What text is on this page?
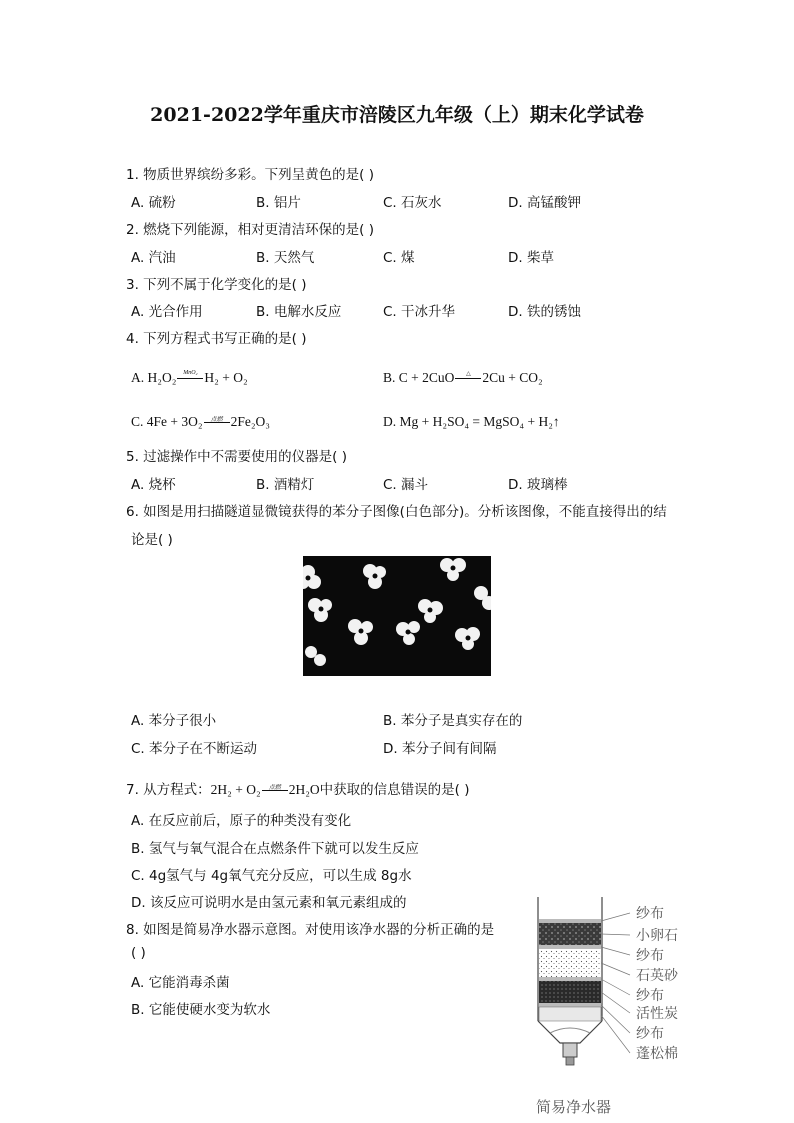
2021-2022学年重庆市涪陵区九年级（上）期末化学试卷
1. 物质世界缤纷多彩。下列呈黄色的是( )
A. 硫粉	B. 铝片	C. 石灰水	D. 高锰酸钾
2. 燃烧下列能源，相对更清洁环保的是( )
A. 汽油	B. 天然气	C. 煤	D. 柴草
3. 下列不属于化学变化的是( )
A. 光合作用	B. 电解水反应	C. 干冰升华	D. 铁的锈蚀
4. 下列方程式书写正确的是( )
A. H₂O₂	MnO₂ H₂ + O₂	B. C + 2CuO	△ 2Cu + CO₂
C. 4Fe + 3O₂	点燃 2Fe₂O₃	D. Mg + H₂SO₄ = MgSO₄ + H₂↑
5. 过滤操作中不需要使用的仪器是( )
A. 烧杯	B. 酒精灯	C. 漏斗	D. 玻璃棒
6. 如图是用扫描隧道显微镜获得的苯分子图像(白色部分)。分析该图像，不能直接得出的结
论是( )
A. 苯分子很小	B. 苯分子是真实存在的
C. 苯分子在不断运动	D. 苯分子间有间隔
7. 从方程式：2H₂ + O₂	点燃 2H₂O中获取的信息错误的是( )
A. 在反应前后，原子的种类没有变化
B. 氢气与氧气混合在点燃条件下就可以发生反应
C. 4g氢气与 4g氧气充分反应，可以生成 8g水
D. 该反应可说明水是由氢元素和氧元素组成的
8. 如图是简易净水器示意图。对使用该净水器的分析正确的是
( )
A. 它能消毒杀菌
B. 它能使硬水变为软水
纱布
小卵石
纱布
石英砂
纱布
活性炭
纱布
蓬松棉
简易净水器
